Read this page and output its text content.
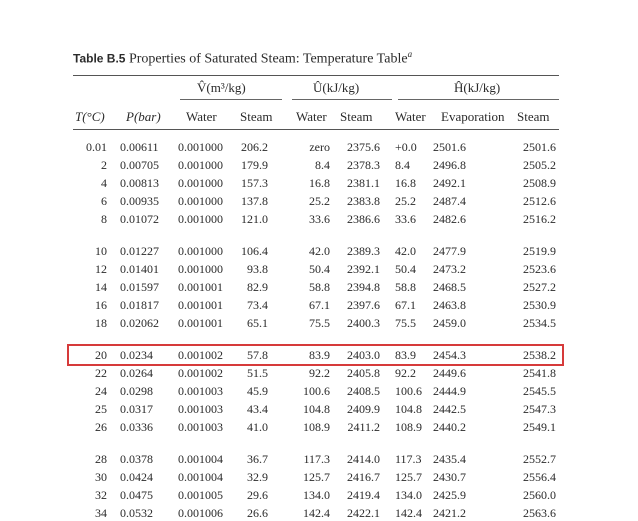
Table B.5 Properties of Saturated Steam: Temperature Table$^a$
V̂(m³/kg)	Û(kJ/kg)	Ĥ(kJ/kg)
T(°C) P(bar) Water Steam Water Steam Water Evaporation Steam
0.01 0.00611 0.001000 206.2	zero 2375.6 +0.0 2501.6	2501.6
2 0.00705 0.001000 179.9	8.4 2378.3 8.4 2496.8	2505.2
4 0.00813 0.001000 157.3	16.8 2381.1 16.8 2492.1	2508.9
6 0.00935 0.001000 137.8	25.2 2383.8 25.2 2487.4	2512.6
8 0.01072 0.001000 121.0	33.6 2386.6 33.6 2482.6	2516.2
10 0.01227 0.001000 106.4	42.0 2389.3 42.0 2477.9	2519.9
12 0.01401 0.001000 93.8	50.4 2392.1 50.4 2473.2	2523.6
14 0.01597 0.001001 82.9	58.8 2394.8 58.8 2468.5	2527.2
16 0.01817 0.001001 73.4	67.1 2397.6 67.1 2463.8	2530.9
18 0.02062 0.001001 65.1	75.5 2400.3 75.5 2459.0	2534.5
20 0.0234 0.001002 57.8	83.9 2403.0 83.9 2454.3	2538.2
22 0.0264 0.001002 51.5	92.2 2405.8 92.2 2449.6	2541.8
24 0.0298 0.001003 45.9	100.6 2408.5 100.6 2444.9	2545.5
25 0.0317 0.001003 43.4	104.8 2409.9 104.8 2442.5	2547.3
26 0.0336 0.001003 41.0	108.9 2411.2 108.9 2440.2	2549.1
28 0.0378 0.001004 36.7	117.3 2414.0 117.3 2435.4	2552.7
30 0.0424 0.001004 32.9	125.7 2416.7 125.7 2430.7	2556.4
32 0.0475 0.001005 29.6	134.0 2419.4 134.0 2425.9	2560.0
34 0.0532 0.001006 26.6	142.4 2422.1 142.4 2421.2	2563.6
